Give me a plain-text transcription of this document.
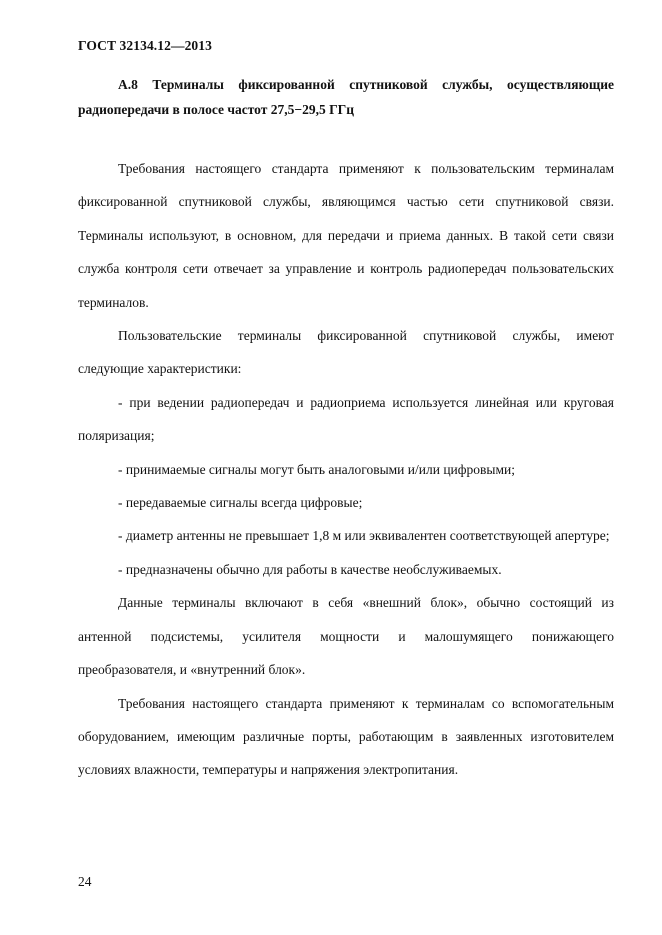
ГОСТ 32134.12—2013
А.8 Терминалы фиксированной спутниковой службы, осуществляющие радиопередачи в полосе частот 27,5−29,5 ГГц

Требования настоящего стандарта применяют к пользовательским терминалам фиксированной спутниковой службы, являющимся частью сети спутниковой связи. Терминалы используют, в основном, для передачи и приема данных. В такой сети связи служба контроля сети отвечает за управление и контроль радиопередач пользовательских терминалов.

Пользовательские терминалы фиксированной спутниковой службы, имеют следующие характеристики:

- при ведении радиопередач и радиоприема используется линейная или круговая поляризация;

- принимаемые сигналы могут быть аналоговыми и/или цифровыми;

- передаваемые сигналы всегда цифровые;

- диаметр антенны не превышает 1,8 м или эквивалентен соответствующей апертуре;

- предназначены обычно для работы в качестве необслуживаемых.

Данные терминалы включают в себя «внешний блок», обычно состоящий из антенной подсистемы, усилителя мощности и малошумящего понижающего преобразователя, и «внутренний блок».

Требования настоящего стандарта применяют к терминалам со вспомогательным оборудованием, имеющим различные порты, работающим в заявленных изготовителем условиях влажности, температуры и напряжения электропитания.

24
